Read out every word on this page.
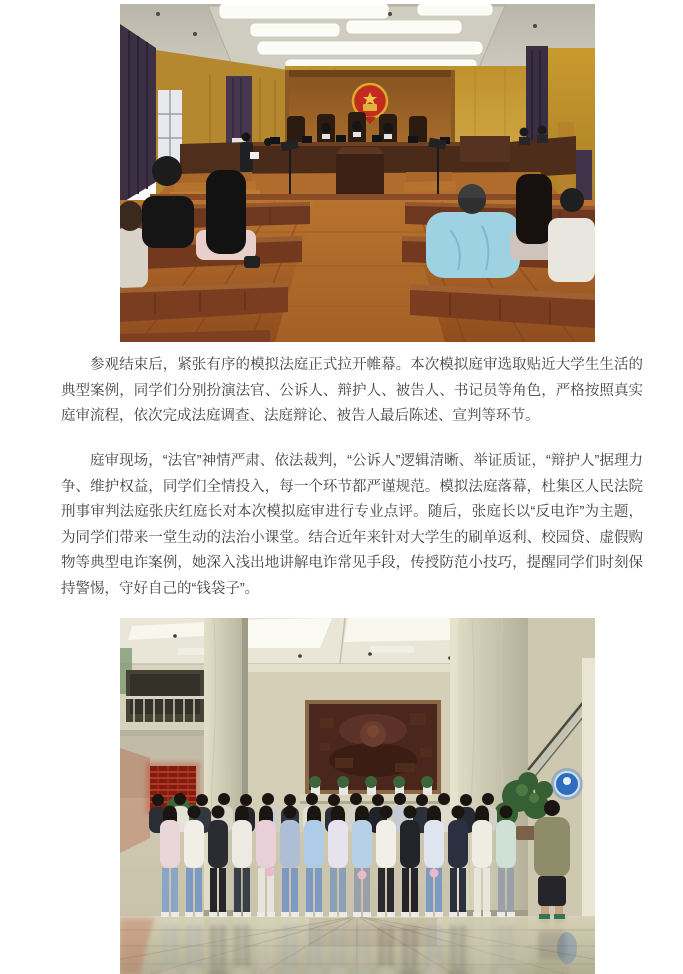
参观结束后，紧张有序的模拟法庭正式拉开帷幕。本次模拟庭审选取贴近大学生生活的典型案例，同学们分别扮演法官、公诉人、辩护人、被告人、书记员等角色，严格按照真实庭审流程，依次完成法庭调查、法庭辩论、被告人最后陈述、宣判等环节。

庭审现场，“法官”神情严肃、依法裁判，“公诉人”逻辑清晰、举证质证，“辩护人”据理力争、维护权益，同学们全情投入，每一个环节都严谨规范。模拟法庭落幕，杜集区人民法院刑事审判法庭张庆红庭长对本次模拟庭审进行专业点评。随后，张庭长以“反电诈”为主题，为同学们带来一堂生动的法治小课堂。结合近年来针对大学生的刷单返利、校园贷、虚假购物等典型电诈案例，她深入浅出地讲解电诈常见手段，传授防范小技巧，提醒同学们时刻保持警惕，守好自己的“钱袋子”。
